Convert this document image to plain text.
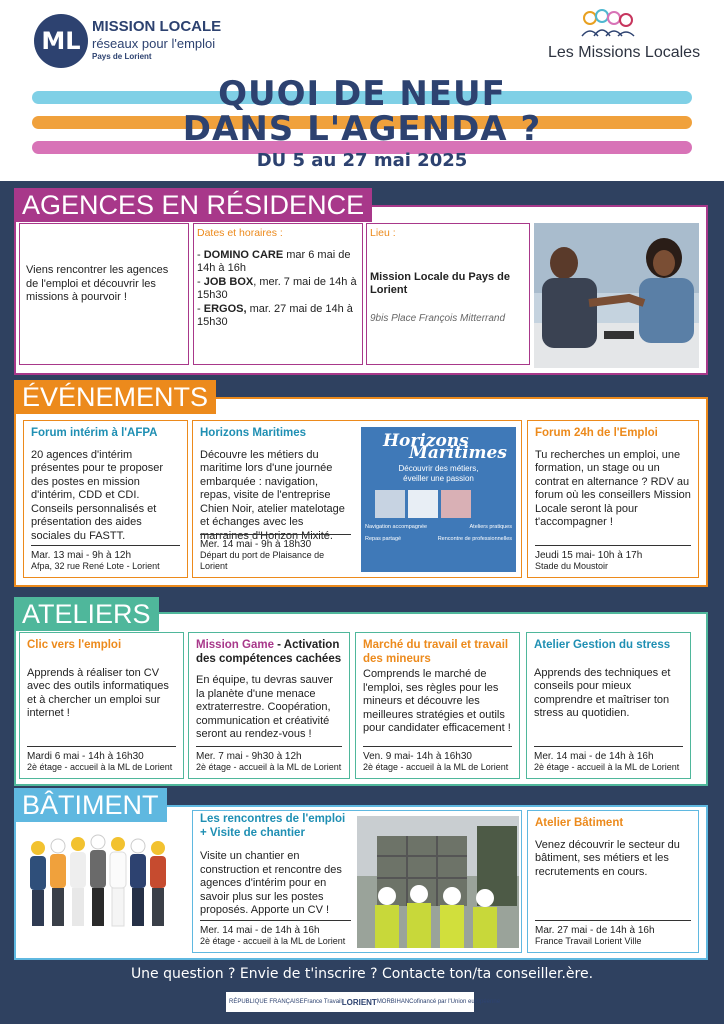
ML
MISSION LOCALE
réseaux pour l'emploi
Pays de Lorient	Les Missions Locales
QUOI DE NEUF
DANS L'AGENDA ?
DU 5 au 27 mai 2025
AGENCES EN RÉSIDENCE
Viens rencontrer les agences de l'emploi et découvrir les missions à pourvoir !
Dates et horaires :
- DOMINO CARE mar 6 mai de 14h à 16h
- JOB BOX, mer. 7 mai de 14h à 15h30
- ERGOS, mar. 27 mai de 14h à 15h30
Lieu :
Mission Locale du Pays de Lorient
9bis Place François Mitterrand
ÉVÉNEMENTS
Forum intérim à l'AFPA
20 agences d'intérim présentes pour te proposer des postes en mission d'intérim, CDD et CDI. Conseils personnalisés et présentation des aides sociales du FASTT.
Mar. 13 mai - 9h à 12h
Afpa, 32 rue René Lote - Lorient
Horizons Maritimes
Découvre les métiers du maritime lors d'une journée embarquée : navigation, repas, visite de l'entreprise Chien Noir, atelier matelotage et échanges avec les marraines d'Horizon Mixité.
Mer. 14 mai - 9h à 18h30
Départ du port de Plaisance de Lorient
Horizons
Maritimes
Découvrir des métiers,
éveiller une passion
Navigation accompagnée	Ateliers pratiques
Repas partagé	Rencontre de professionnelles
Forum 24h de l'Emploi
Tu recherches un emploi, une formation, un stage ou un contrat en alternance ? RDV au forum où les conseillers Mission Locale seront là pour t'accompagner !
Jeudi 15 mai- 10h à 17h
Stade du Moustoir
ATELIERS
Clic vers l'emploi
Apprends à réaliser ton CV avec des outils informatiques et à chercher un emploi sur internet !
Mardi 6 mai - 14h à 16h30
2è étage - accueil à la ML de Lorient
Mission Game - Activation des compétences cachées
En équipe, tu devras sauver la planète d'une menace extraterrestre. Coopération, communication et créativité seront au rendez-vous !
Mer. 7 mai - 9h30 à 12h
2è étage - accueil à la ML de Lorient
Marché du travail et travail des mineurs
Comprends le marché de l'emploi, ses règles pour les mineurs et découvre les meilleures stratégies et outils pour candidater efficacement !
Ven. 9 mai- 14h à 16h30
2è étage - accueil à la ML de Lorient
Atelier Gestion du stress
Apprends des techniques et conseils pour mieux comprendre et maîtriser ton stress au quotidien.
Mer. 14 mai - de 14h à 16h
2è étage - accueil à la ML de Lorient
BÂTIMENT	Les rencontres de l'emploi + Visite de chantier
Visite un chantier en construction et rencontre des agences d'intérim pour en savoir plus sur les postes proposés. Apporte un CV !
Mer. 14 mai - de 14h à 16h
2è étage - accueil à la ML de Lorient
Atelier Bâtiment
Venez découvrir le secteur du bâtiment, ses métiers et les recrutements en cours.
Mar. 27 mai - de 14h à 16h
France Travail Lorient Ville
Une question ? Envie de t'inscrire ? Contacte ton/ta conseiller.ère.
RÉPUBLIQUE FRANÇAISE France Travail LORIENT MORBIHAN Cofinancé par l'Union européenne
